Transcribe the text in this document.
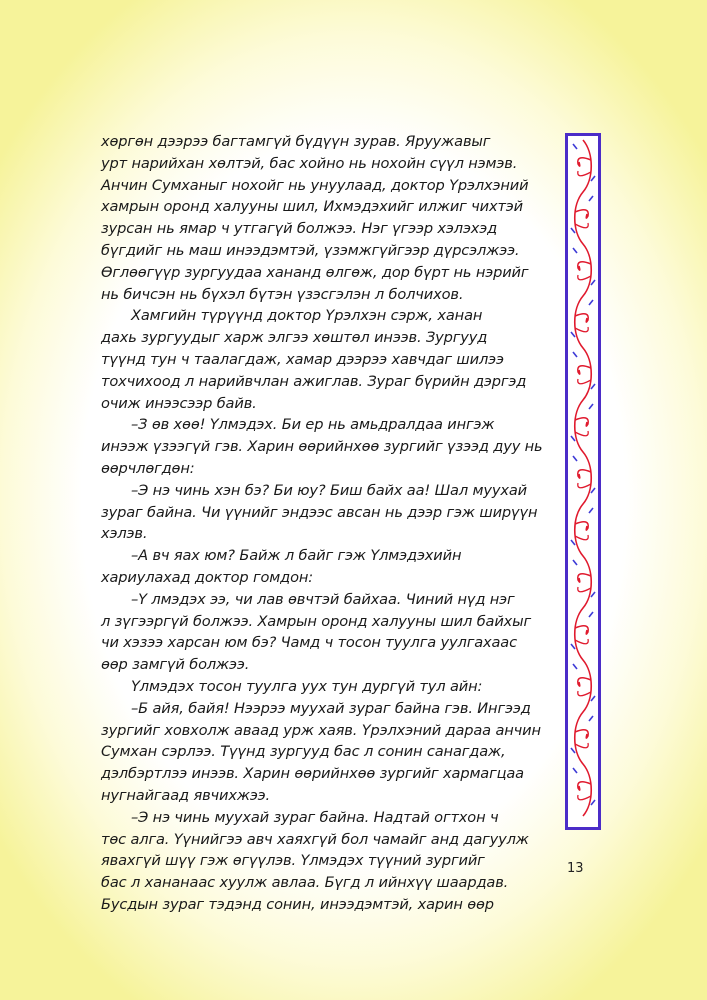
хөргөн дээрээ багтамгүй бүдүүн зурав. Яруужавыг
урт нарийхан хөлтэй, бас хойно нь нохойн сүүл нэмэв.
Анчин Сумханыг нохойг нь унуулаад, доктор Үрэлхэний
хамрын оронд халууны шил, Ихмэдэхийг илжиг чихтэй
зурсан нь ямар ч утгагүй болжээ. Нэг үгээр хэлэхэд
бүгдийг нь маш инээдэмтэй, үзэмжгүйгээр дүрсэлжээ.
Өглөөгүүр зургуудаа хананд өлгөж, дор бүрт нь нэрийг
нь бичсэн нь бүхэл бүтэн үзэсгэлэн л болчихов.
Хамгийн түрүүнд доктор Үрэлхэн сэрж, ханан
дахь зургуудыг харж элгээ хөштөл инээв. Зургууд
түүнд тун ч таалагдаж, хамар дээрээ хавчдаг шилээ
тохчихоод л нарийвчлан ажиглав. Зураг бүрийн дэргэд
очиж инээсээр байв.
–З өв хөө! Үлмэдэх. Би ер нь амьдралдаа ингэж
инээж үзээгүй гэв. Харин өөрийнхөө зургийг үзээд дуу нь
өөрчлөгдөн:
–Э нэ чинь хэн бэ? Би юу? Биш байх аа! Шал муухай
зураг байна. Чи үүнийг эндээс авсан нь дээр гэж ширүүн
хэлэв.
–А вч яах юм? Байж л байг гэж Үлмэдэхийн
хариулахад доктор гомдон:
–Ү лмэдэх ээ, чи лав өвчтэй байхаа. Чиний нүд нэг
л зүгээргүй болжээ. Хамрын оронд халууны шил байхыг
чи хэзээ харсан юм бэ? Чамд ч тосон туулга уулгахаас
өөр замгүй болжээ.
Үлмэдэх тосон туулга уух тун дургүй тул айн:
–Б айя, байя! Нээрээ муухай зураг байна гэв. Ингээд
зургийг ховхолж аваад урж хаяв. Үрэлхэний дараа анчин
Сумхан сэрлээ. Түүнд зургууд бас л сонин санагдаж,
дэлбэртлээ инээв. Харин өөрийнхөө зургийг хармагцаа
нугнайгаад явчихжээ.
–Э нэ чинь муухай зураг байна. Надтай огтхон ч
төс алга. Үүнийгээ авч хаяхгүй бол чамайг анд дагуулж
явахгүй шүү гэж өгүүлэв. Үлмэдэх түүний зургийг
бас л хананаас хуулж авлаа. Бүгд л ийнхүү шаардав.
Бусдын зураг тэдэнд сонин, инээдэмтэй, харин өөр
13
